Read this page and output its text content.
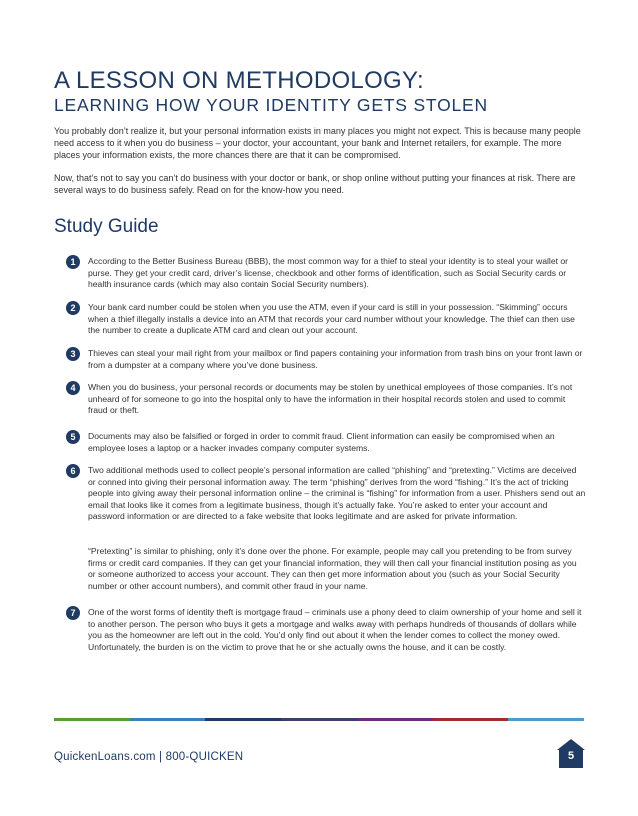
A LESSON ON METHODOLOGY:
LEARNING HOW YOUR IDENTITY GETS STOLEN

You probably don’t realize it, but your personal information exists in many places you might not expect. This is because many people need access to it when you do business – your doctor, your accountant, your bank and Internet retailers, for example. The more places your information exists, the more chances there are that it can be compromised.

Now, that’s not to say you can’t do business with your doctor or bank, or shop online without putting your finances at risk. There are several ways to do business safely. Read on for the know-how you need.

Study Guide
1	According to the Better Business Bureau (BBB), the most common way for a thief to steal your identity is to steal your wallet or purse. They get your credit card, driver’s license, checkbook and other forms of identification, such as Social Security cards or health insurance cards (which may also contain Social Security numbers).

2	Your bank card number could be stolen when you use the ATM, even if your card is still in your possession. “Skimming” occurs when a thief illegally installs a device into an ATM that records your card number without your knowledge. The thief can then use the number to create a duplicate ATM card and clean out your account.

3	Thieves can steal your mail right from your mailbox or find papers containing your information from trash bins on your front lawn or from a dumpster at a company where you’ve done business.

4	When you do business, your personal records or documents may be stolen by unethical employees of those companies. It’s not unheard of for someone to go into the hospital only to have the information in their hospital records stolen and used to commit fraud or theft.

5	Documents may also be falsified or forged in order to commit fraud. Client information can easily be compromised when an employee loses a laptop or a hacker invades company computer systems.

6	Two additional methods used to collect people’s personal information are called “phishing” and “pretexting.” Victims are deceived or conned into giving their personal information away. The term “phishing” derives from the word “fishing.” It’s the act of tricking people into giving away their personal information online – the criminal is “fishing” for information from a user. Phishers send out an email that looks like it comes from a legitimate business, though it’s actually fake. You’re asked to enter your account and password information or are directed to a fake website that looks legitimate and are asked for private information.

“Pretexting” is similar to phishing, only it’s done over the phone. For example, people may call you pretending to be from survey firms or credit card companies. If they can get your financial information, they will then call your financial institution posing as you or someone authorized to access your account. They can then get more information about you (such as your Social Security number or other account numbers), and commit other fraud in your name.

7	One of the worst forms of identity theft is mortgage fraud – criminals use a phony deed to claim ownership of your home and sell it to another person. The person who buys it gets a mortgage and walks away with perhaps hundreds of thousands of dollars while you as the homeowner are left out in the cold. You’d only find out about it when the lender comes to collect the money owed. Unfortunately, the burden is on the victim to prove that he or she actually owns the house, and it can be costly.

QuickenLoans.com | 800-QUICKEN	5
